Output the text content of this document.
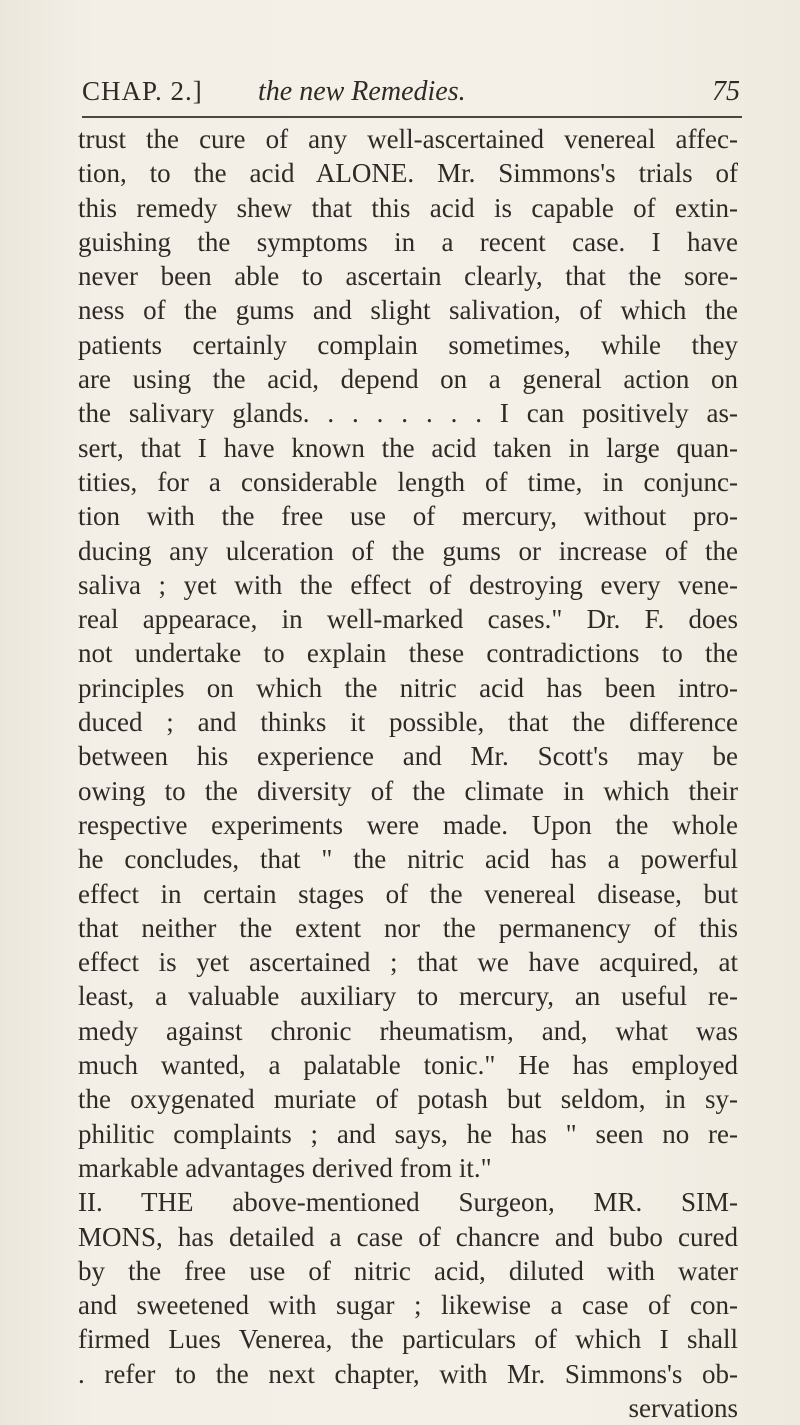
CHAP. 2.] the new Remedies.	75
trust the cure of any well-ascertained venereal affec-
tion, to the acid ALONE. Mr. Simmons's trials of
this remedy shew that this acid is capable of extin-
guishing the symptoms in a recent case. I have
never been able to ascertain clearly, that the sore-
ness of the gums and slight salivation, of which the
patients certainly complain sometimes, while they
are using the acid, depend on a general action on
the salivary glands. . . . . . . . I can positively as-
sert, that I have known the acid taken in large quan-
tities, for a considerable length of time, in conjunc-
tion with the free use of mercury, without pro-
ducing any ulceration of the gums or increase of the
saliva ; yet with the effect of destroying every vene-
real appearace, in well-marked cases." Dr. F. does
not undertake to explain these contradictions to the
principles on which the nitric acid has been intro-
duced ; and thinks it possible, that the difference
between his experience and Mr. Scott's may be
owing to the diversity of the climate in which their
respective experiments were made. Upon the whole
he concludes, that " the nitric acid has a powerful
effect in certain stages of the venereal disease, but
that neither the extent nor the permanency of this
effect is yet ascertained ; that we have acquired, at
least, a valuable auxiliary to mercury, an useful re-
medy against chronic rheumatism, and, what was
much wanted, a palatable tonic." He has employed
the oxygenated muriate of potash but seldom, in sy-
philitic complaints ; and says, he has " seen no re-
markable advantages derived from it."
II. THE above-mentioned Surgeon, MR. SIM-
MONS, has detailed a case of chancre and bubo cured
by the free use of nitric acid, diluted with water
and sweetened with sugar ; likewise a case of con-
firmed Lues Venerea, the particulars of which I shall
. refer to the next chapter, with Mr. Simmons's ob-
servations
